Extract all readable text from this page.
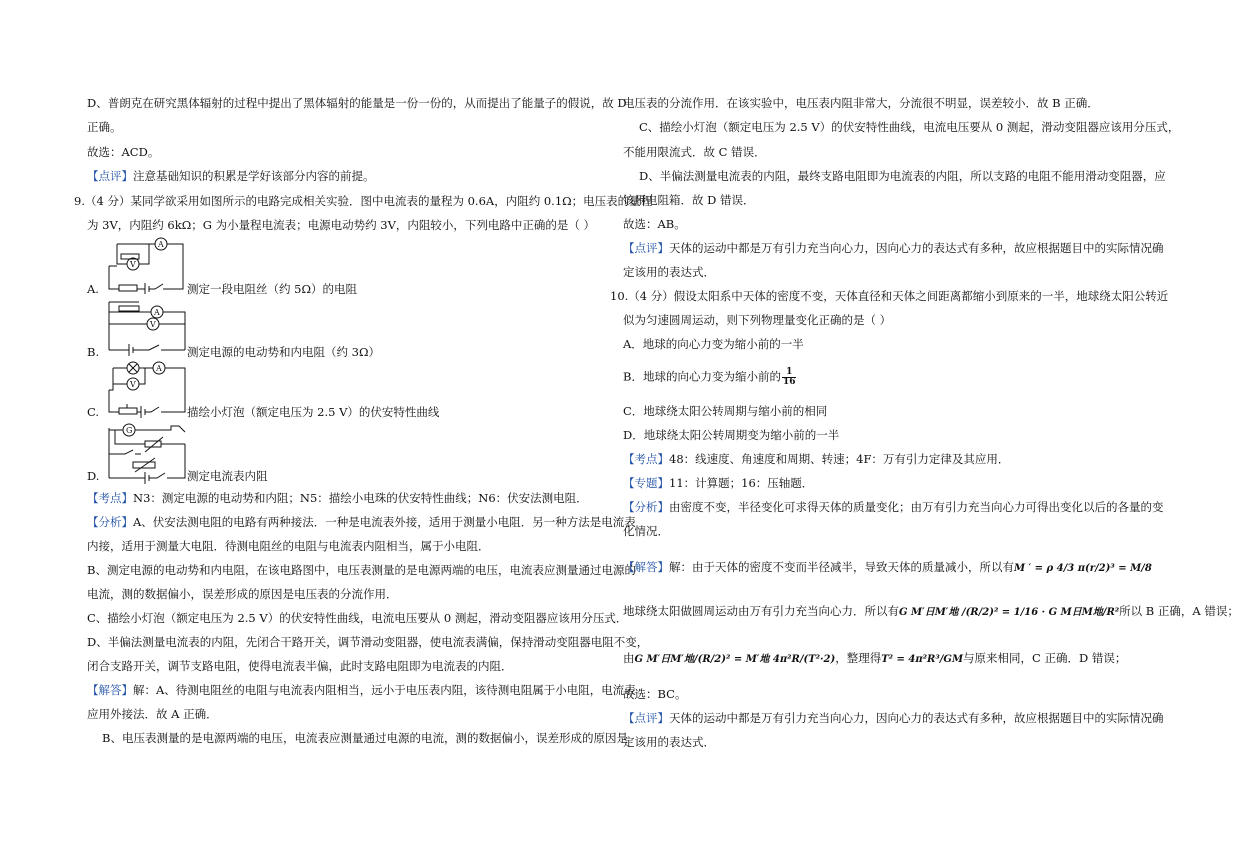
D、普朗克在研究黑体辐射的过程中提出了黑体辐射的能量是一份一份的，从而提出了能量子的假说，故 D
正确。
故选：ACD。
【点评】注意基础知识的积累是学好该部分内容的前提。
9.（4 分）某同学欲采用如图所示的电路完成相关实验．图中电流表的量程为 0.6A，内阻约 0.1Ω；电压表的量程
为 3V，内阻约 6kΩ；G 为小量程电流表；电源电动势约 3V，内阻较小，下列电路中正确的是（ ）
A.
A
V
测定一段电阻丝（约 5Ω）的电阻
B.
A
V
测定电源的电动势和内电阻（约 3Ω）
C.
A
V
描绘小灯泡（额定电压为 2.5 V）的伏安特性曲线
D.
G
测定电流表内阻
【考点】N3：测定电源的电动势和内阻；N5：描绘小电珠的伏安特性曲线；N6：伏安法测电阻．
【分析】A、伏安法测电阻的电路有两种接法．一种是电流表外接，适用于测量小电阻．另一种方法是电流表
内接，适用于测量大电阻．待测电阻丝的电阻与电流表内阻相当，属于小电阻．
B、测定电源的电动势和内电阻，在该电路图中，电压表测量的是电源两端的电压，电流表应测量通过电源的
电流，测的数据偏小，误差形成的原因是电压表的分流作用．
C、描绘小灯泡（额定电压为 2.5 V）的伏安特性曲线，电流电压要从 0 测起，滑动变阻器应该用分压式．
D、半偏法测量电流表的内阻，先闭合干路开关，调节滑动变阻器，使电流表满偏，保持滑动变阻器电阻不变，
闭合支路开关，调节支路电阻，使得电流表半偏，此时支路电阻即为电流表的内阻．
【解答】解：A、待测电阻丝的电阻与电流表内阻相当，远小于电压表内阻，该待测电阻属于小电阻，电流表
应用外接法．故 A 正确．
B、电压表测量的是电源两端的电压，电流表应测量通过电源的电流，测的数据偏小，误差形成的原因是
电压表的分流作用．在该实验中，电压表内阻非常大，分流很不明显，误差较小．故 B 正确．
C、描绘小灯泡（额定电压为 2.5 V）的伏安特性曲线，电流电压要从 0 测起，滑动变阻器应该用分压式，
不能用限流式．故 C 错误．
D、半偏法测量电流表的内阻，最终支路电阻即为电流表的内阻，所以支路的电阻不能用滑动变阻器，应
该用电阻箱．故 D 错误．
故选：AB。
【点评】天体的运动中都是万有引力充当向心力，因向心力的表达式有多种，故应根据题目中的实际情况确
定该用的表达式．
10.（4 分）假设太阳系中天体的密度不变，天体直径和天体之间距离都缩小到原来的一半，地球绕太阳公转近
似为匀速圆周运动，则下列物理量变化正确的是（ ）
A．地球的向心力变为缩小前的一半
B．地球的向心力变为缩小前的 $\frac{1}{16}$
C．地球绕太阳公转周期与缩小前的相同
D．地球绕太阳公转周期变为缩小前的一半
【考点】48：线速度、角速度和周期、转速；4F：万有引力定律及其应用．
【专题】11：计算题；16：压轴题．
【分析】由密度不变，半径变化可求得天体的质量变化；由万有引力充当向心力可得出变化以后的各量的变
化情况．
【解答】解：由于天体的密度不变而半径减半，导致天体的质量减小，所以有M ′ = ρ 4/3 π(r/2)³ = M/8
地球绕太阳做圆周运动由万有引力充当向心力．所以有G M′日M′地 /(R/2)² = 1/16 · G M日M地/R²所以 B 正确，A 错误；
由G M′日M′地/(R/2)² = M′地 4π²R/(T²·2)，整理得T² = 4π²R³/GM与原来相同，C 正确．D 错误；
故选：BC。
【点评】天体的运动中都是万有引力充当向心力，因向心力的表达式有多种，故应根据题目中的实际情况确
定该用的表达式．
